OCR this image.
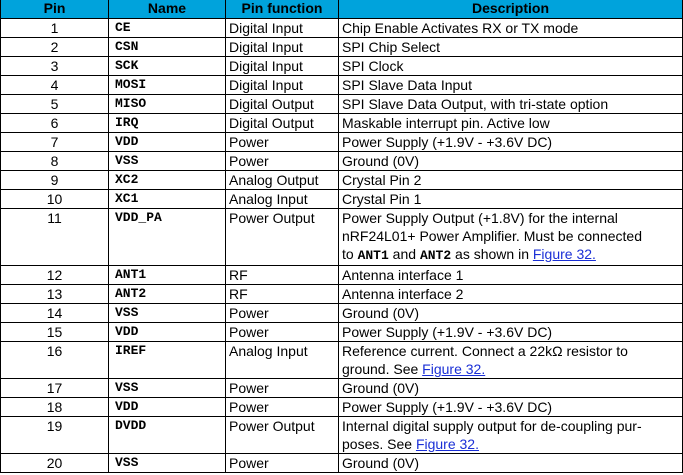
Pin	Name	Pin function	Description
1	CE	Digital Input	Chip Enable Activates RX or TX mode
2	CSN	Digital Input	SPI Chip Select
3	SCK	Digital Input	SPI Clock
4	MOSI	Digital Input	SPI Slave Data Input
5	MISO	Digital Output	SPI Slave Data Output, with tri-state option
6	IRQ	Digital Output	Maskable interrupt pin. Active low
7	VDD	Power	Power Supply (+1.9V - +3.6V DC)
8	VSS	Power	Ground (0V)
9	XC2	Analog Output	Crystal Pin 2
10	XC1	Analog Input	Crystal Pin 1
11	VDD_PA	Power Output	Power Supply Output (+1.8V) for the internal
nRF24L01+ Power Amplifier. Must be connected
to ANT1 and ANT2 as shown in Figure 32.
12	ANT1	RF	Antenna interface 1
13	ANT2	RF	Antenna interface 2
14	VSS	Power	Ground (0V)
15	VDD	Power	Power Supply (+1.9V - +3.6V DC)
16	IREF	Analog Input	Reference current. Connect a 22kΩ resistor to
ground. See Figure 32.
17	VSS	Power	Ground (0V)
18	VDD	Power	Power Supply (+1.9V - +3.6V DC)
19	DVDD	Power Output	Internal digital supply output for de-coupling pur-
poses. See Figure 32.
20	VSS	Power	Ground (0V)
